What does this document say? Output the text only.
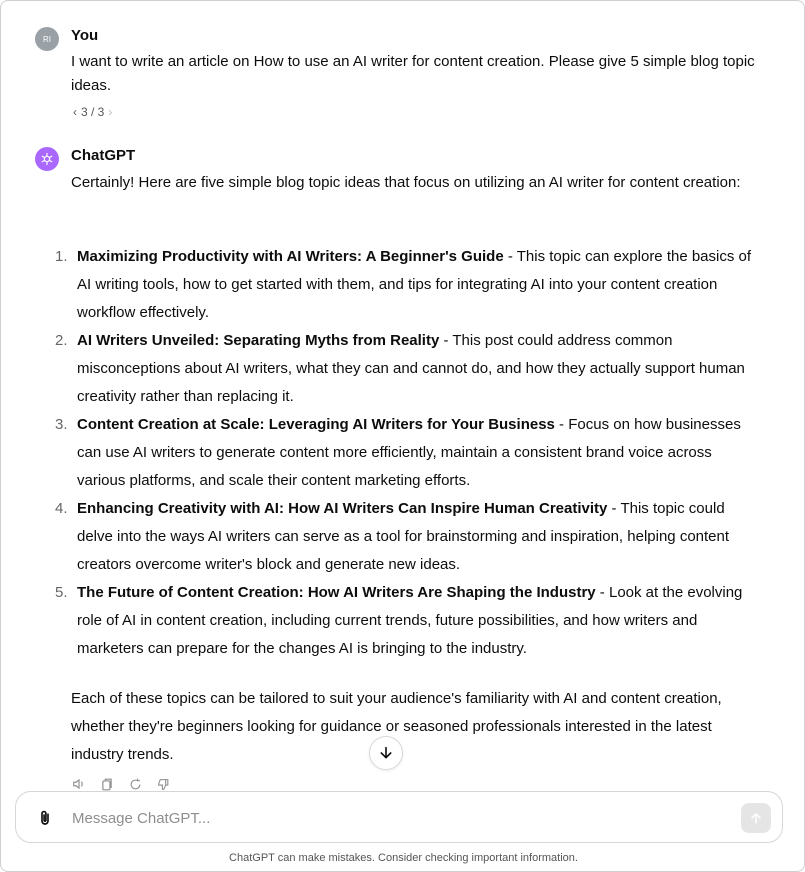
RI	You
I want to write an article on How to use an AI writer for content creation. Please give 5 simple blog topic ideas.
‹ 3 / 3 ›
ChatGPT
Certainly! Here are five simple blog topic ideas that focus on utilizing an AI writer for content creation:
1. Maximizing Productivity with AI Writers: A Beginner's Guide - This topic can explore the basics of AI writing tools, how to get started with them, and tips for integrating AI into your content creation workflow effectively.
2. AI Writers Unveiled: Separating Myths from Reality - This post could address common misconceptions about AI writers, what they can and cannot do, and how they actually support human creativity rather than replacing it.
3. Content Creation at Scale: Leveraging AI Writers for Your Business - Focus on how businesses can use AI writers to generate content more efficiently, maintain a consistent brand voice across various platforms, and scale their content marketing efforts.
4. Enhancing Creativity with AI: How AI Writers Can Inspire Human Creativity - This topic could delve into the ways AI writers can serve as a tool for brainstorming and inspiration, helping content creators overcome writer's block and generate new ideas.
5. The Future of Content Creation: How AI Writers Are Shaping the Industry - Look at the evolving role of AI in content creation, including current trends, future possibilities, and how writers and marketers can prepare for the changes AI is bringing to the industry.
Each of these topics can be tailored to suit your audience's familiarity with AI and content creation, whether they're beginners looking for guidance or seasoned professionals interested in the latest industry trends.
Message ChatGPT...
ChatGPT can make mistakes. Consider checking important information.
